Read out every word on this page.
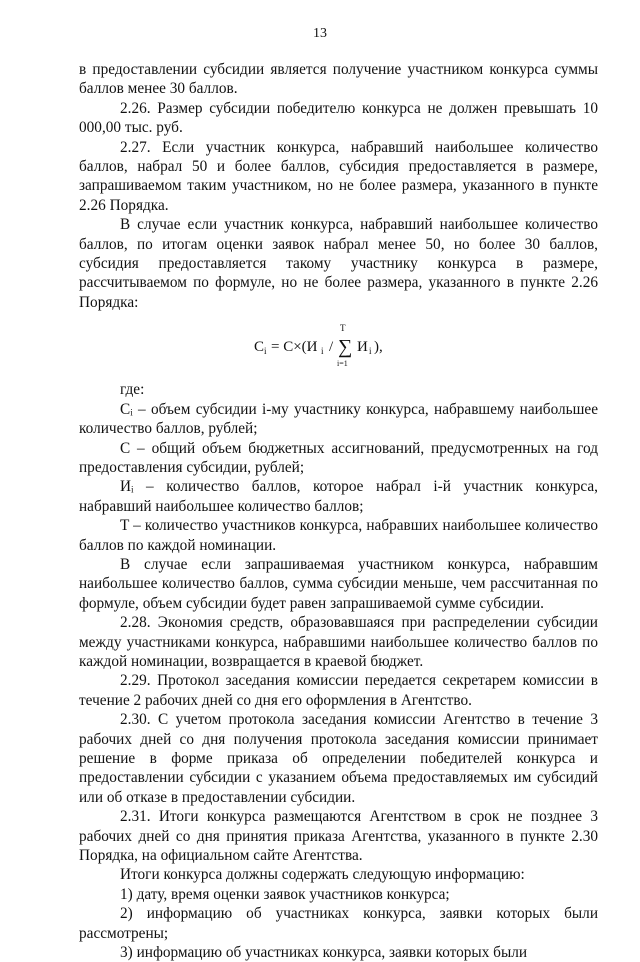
13

в предоставлении субсидии является получение участником конкурса суммы баллов менее 30 баллов.

2.26. Размер субсидии победителю конкурса не должен превышать 10 000,00 тыс. руб.

2.27. Если участник конкурса, набравший наибольшее количество баллов, набрал 50 и более баллов, субсидия предоставляется в размере, запрашиваемом таким участником, но не более размера, указанного в пункте 2.26 Порядка.

В случае если участник конкурса, набравший наибольшее количество баллов, по итогам оценки заявок набрал менее 50, но более 30 баллов, субсидия предоставляется такому участнику конкурса в размере, рассчитываемом по формуле, но не более размера, указанного в пункте 2.26 Порядка:

C i = C×(И i /
T
∑
i=1
И i ),

где:

Cᵢ – объем субсидии i-му участнику конкурса, набравшему наибольшее количество баллов, рублей;

C – общий объем бюджетных ассигнований, предусмотренных на год предоставления субсидии, рублей;

Иᵢ – количество баллов, которое набрал i-й участник конкурса, набравший наибольшее количество баллов;

T – количество участников конкурса, набравших наибольшее количество баллов по каждой номинации.

В случае если запрашиваемая участником конкурса, набравшим наибольшее количество баллов, сумма субсидии меньше, чем рассчитанная по формуле, объем субсидии будет равен запрашиваемой сумме субсидии.

2.28. Экономия средств, образовавшаяся при распределении субсидии между участниками конкурса, набравшими наибольшее количество баллов по каждой номинации, возвращается в краевой бюджет.

2.29. Протокол заседания комиссии передается секретарем комиссии в течение 2 рабочих дней со дня его оформления в Агентство.

2.30. С учетом протокола заседания комиссии Агентство в течение 3 рабочих дней со дня получения протокола заседания комиссии принимает решение в форме приказа об определении победителей конкурса и предоставлении субсидии с указанием объема предоставляемых им субсидий или об отказе в предоставлении субсидии.

2.31. Итоги конкурса размещаются Агентством в срок не позднее 3 рабочих дней со дня принятия приказа Агентства, указанного в пункте 2.30 Порядка, на официальном сайте Агентства.

Итоги конкурса должны содержать следующую информацию:

1) дату, время оценки заявок участников конкурса;

2) информацию об участниках конкурса, заявки которых были рассмотрены;

3) информацию об участниках конкурса, заявки которых были
